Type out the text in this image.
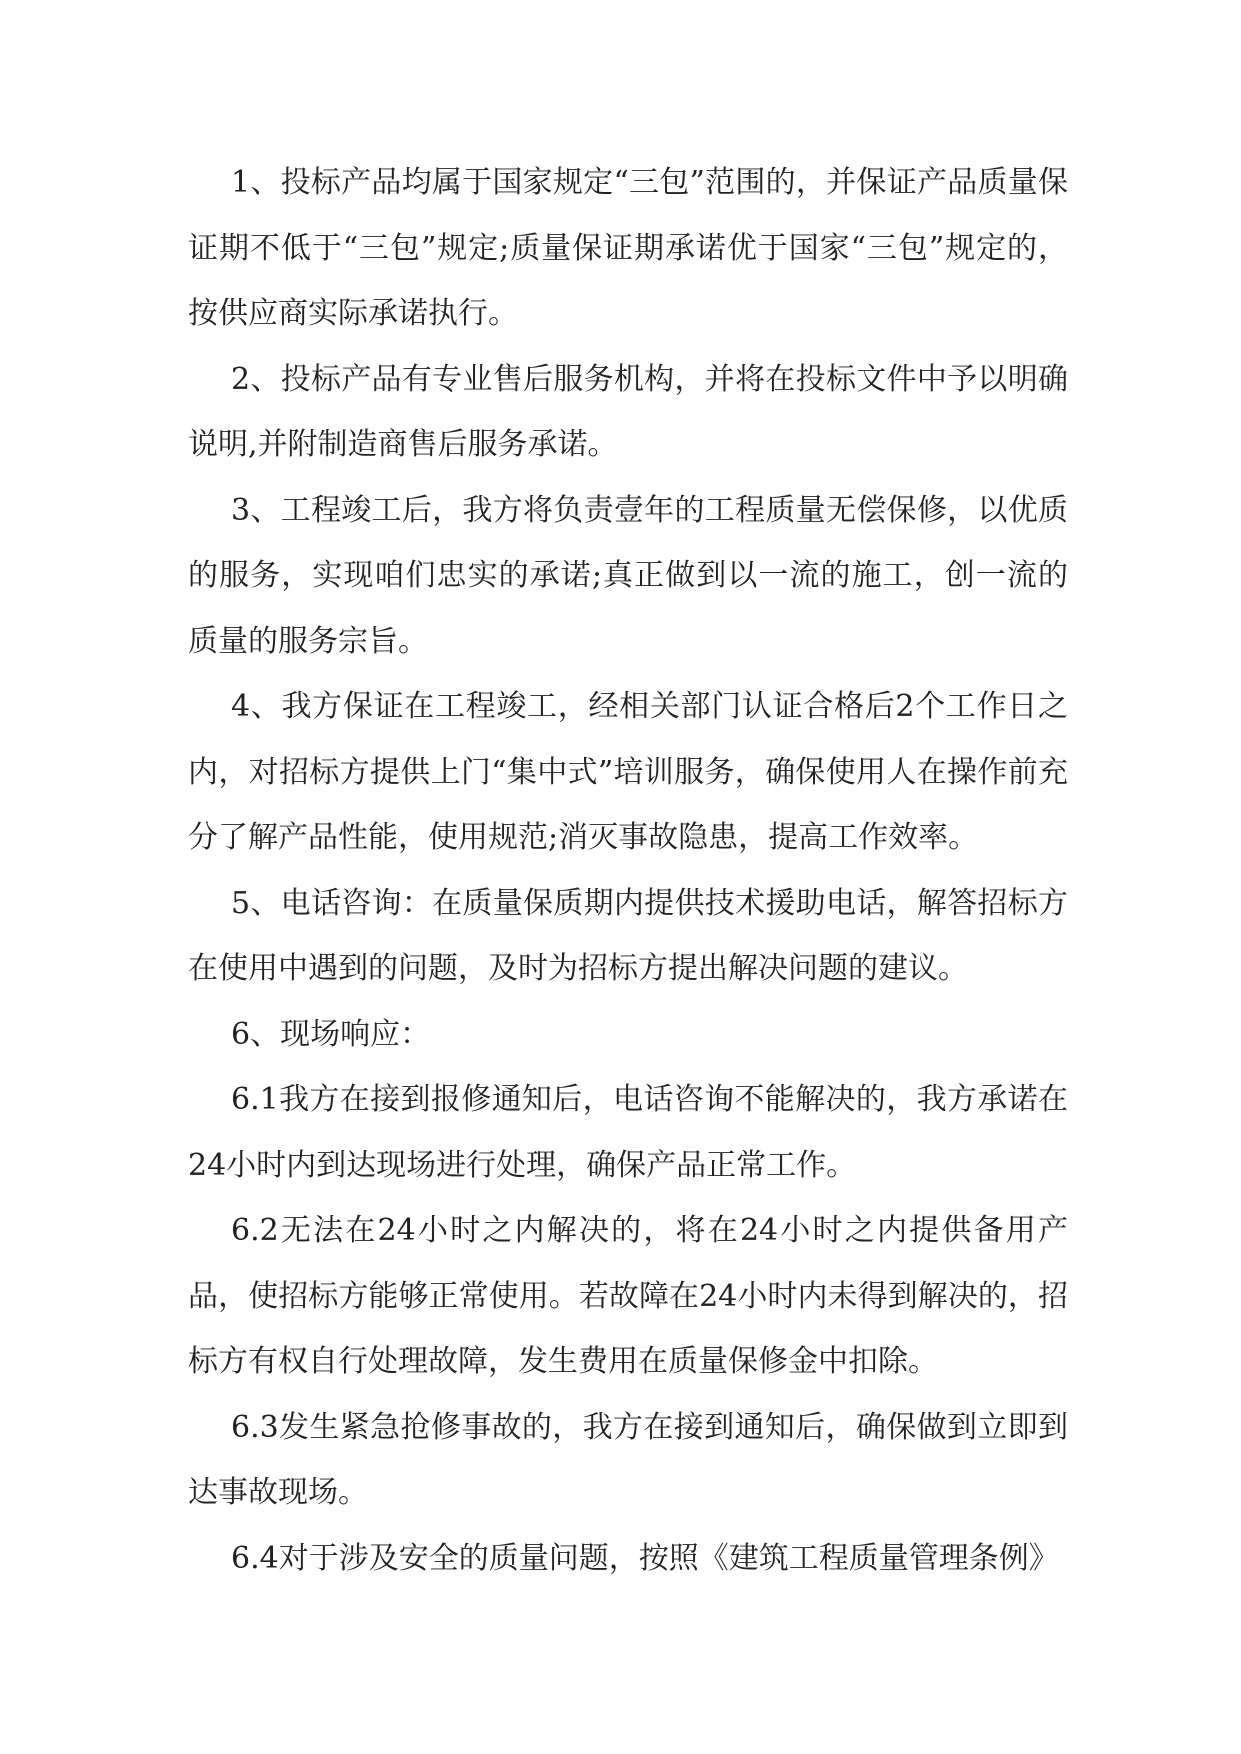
1、投标产品均属于国家规定“三包”范围的，并保证产品质量保证期不低于“三包”规定;质量保证期承诺优于国家“三包”规定的，按供应商实际承诺执行。

2、投标产品有专业售后服务机构，并将在投标文件中予以明确说明,并附制造商售后服务承诺。

3、工程竣工后，我方将负责壹年的工程质量无偿保修，以优质的服务，实现咱们忠实的承诺;真正做到以一流的施工，创一流的质量的服务宗旨。

4、我方保证在工程竣工，经相关部门认证合格后2个工作日之内，对招标方提供上门“集中式”培训服务，确保使用人在操作前充分了解产品性能，使用规范;消灭事故隐患，提高工作效率。

5、电话咨询：在质量保质期内提供技术援助电话，解答招标方在使用中遇到的问题，及时为招标方提出解决问题的建议。

6、现场响应：

6.1我方在接到报修通知后，电话咨询不能解决的，我方承诺在24小时内到达现场进行处理，确保产品正常工作。

6.2无法在24小时之内解决的，将在24小时之内提供备用产品，使招标方能够正常使用。若故障在24小时内未得到解决的，招标方有权自行处理故障，发生费用在质量保修金中扣除。

6.3发生紧急抢修事故的，我方在接到通知后，确保做到立即到达事故现场。

6.4对于涉及安全的质量问题，按照《建筑工程质量管理条例》
